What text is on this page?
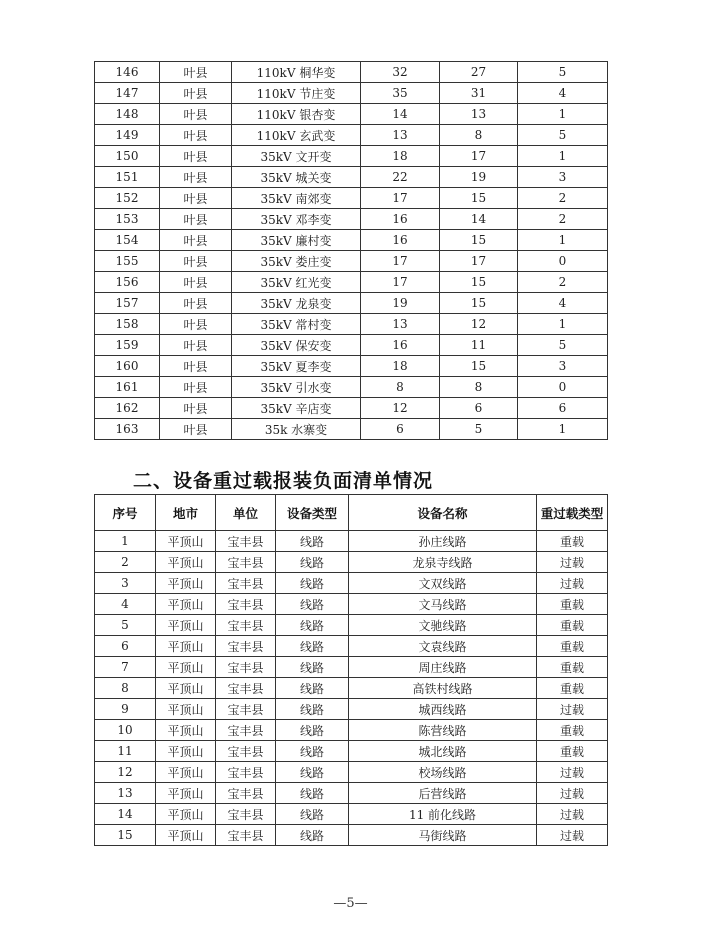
146	叶县	110kV 桐华变	32	27	5
147	叶县	110kV 节庄变	35	31	4
148	叶县	110kV 银杏变	14	13	1
149	叶县	110kV 玄武变	13	8	5
150	叶县	35kV 文开变	18	17	1
151	叶县	35kV 城关变	22	19	3
152	叶县	35kV 南郊变	17	15	2
153	叶县	35kV 邓李变	16	14	2
154	叶县	35kV 廉村变	16	15	1
155	叶县	35kV 娄庄变	17	17	0
156	叶县	35kV 红光变	17	15	2
157	叶县	35kV 龙泉变	19	15	4
158	叶县	35kV 常村变	13	12	1
159	叶县	35kV 保安变	16	11	5
160	叶县	35kV 夏李变	18	15	3
161	叶县	35kV 引水变	8	8	0
162	叶县	35kV 辛店变	12	6	6
163	叶县	35k 水寨变	6	5	1
二、设备重过载报装负面清单情况
序号	地市	单位	设备类型	设备名称	重过载类型
1	平顶山	宝丰县	线路	孙庄线路	重载
2	平顶山	宝丰县	线路	龙泉寺线路	过载
3	平顶山	宝丰县	线路	文双线路	过载
4	平顶山	宝丰县	线路	文马线路	重载
5	平顶山	宝丰县	线路	文驰线路	重载
6	平顶山	宝丰县	线路	文袁线路	重载
7	平顶山	宝丰县	线路	周庄线路	重载
8	平顶山	宝丰县	线路	高铁村线路	重载
9	平顶山	宝丰县	线路	城西线路	过载
10	平顶山	宝丰县	线路	陈营线路	重载
11	平顶山	宝丰县	线路	城北线路	重载
12	平顶山	宝丰县	线路	校场线路	过载
13	平顶山	宝丰县	线路	后营线路	过载
14	平顶山	宝丰县	线路	11 前化线路	过载
15	平顶山	宝丰县	线路	马街线路	过载
—5—
